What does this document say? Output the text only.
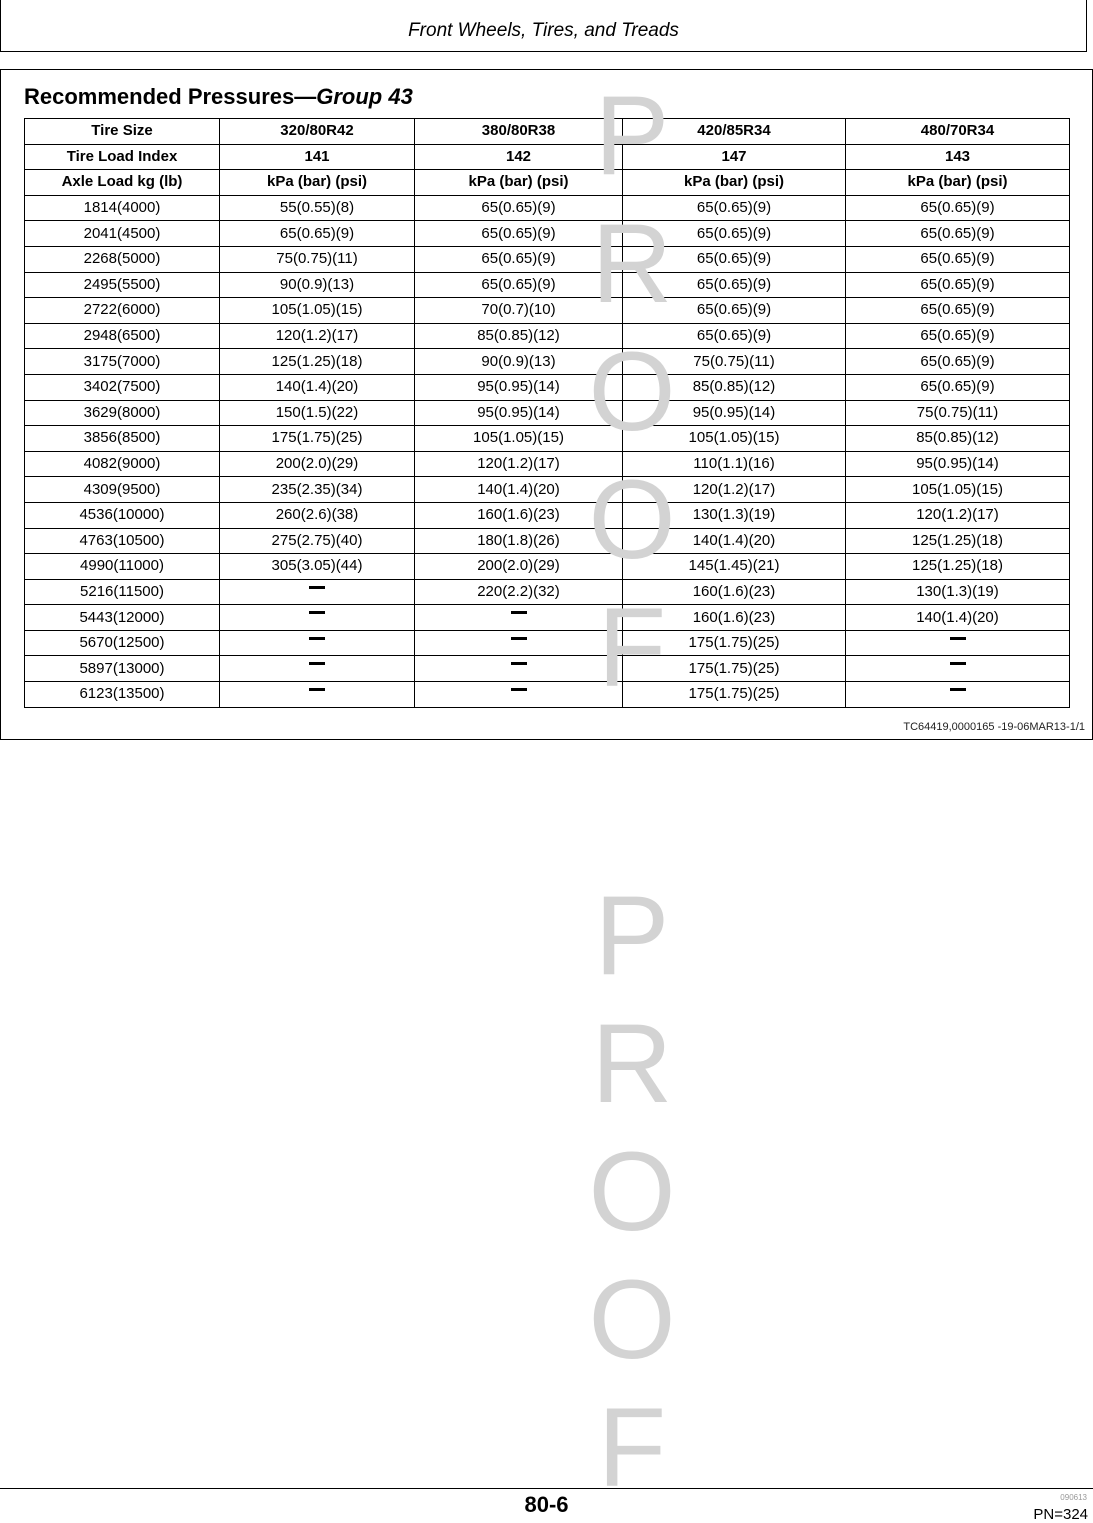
Front Wheels, Tires, and Treads
Recommended Pressures—Group 43
Tire Size	320/80R42	380/80R38	420/85R34	480/70R34
Tire Load Index	141	142	147	143
Axle Load kg (lb)	kPa (bar) (psi)	kPa (bar) (psi)	kPa (bar) (psi)	kPa (bar) (psi)
1814(4000)	55(0.55)(8)	65(0.65)(9)	65(0.65)(9)	65(0.65)(9)
2041(4500)	65(0.65)(9)	65(0.65)(9)	65(0.65)(9)	65(0.65)(9)
2268(5000)	75(0.75)(11)	65(0.65)(9)	65(0.65)(9)	65(0.65)(9)
2495(5500)	90(0.9)(13)	65(0.65)(9)	65(0.65)(9)	65(0.65)(9)
2722(6000)	105(1.05)(15)	70(0.7)(10)	65(0.65)(9)	65(0.65)(9)
2948(6500)	120(1.2)(17)	85(0.85)(12)	65(0.65)(9)	65(0.65)(9)
3175(7000)	125(1.25)(18)	90(0.9)(13)	75(0.75)(11)	65(0.65)(9)
3402(7500)	140(1.4)(20)	95(0.95)(14)	85(0.85)(12)	65(0.65)(9)
3629(8000)	150(1.5)(22)	95(0.95)(14)	95(0.95)(14)	75(0.75)(11)
3856(8500)	175(1.75)(25)	105(1.05)(15)	105(1.05)(15)	85(0.85)(12)
4082(9000)	200(2.0)(29)	120(1.2)(17)	110(1.1)(16)	95(0.95)(14)
4309(9500)	235(2.35)(34)	140(1.4)(20)	120(1.2)(17)	105(1.05)(15)
4536(10000)	260(2.6)(38)	160(1.6)(23)	130(1.3)(19)	120(1.2)(17)
4763(10500)	275(2.75)(40)	180(1.8)(26)	140(1.4)(20)	125(1.25)(18)
4990(11000)	305(3.05)(44)	200(2.0)(29)	145(1.45)(21)	125(1.25)(18)
5216(11500)		220(2.2)(32)	160(1.6)(23)	130(1.3)(19)
5443(12000)			160(1.6)(23)	140(1.4)(20)
5670(12500)			175(1.75)(25)	
5897(13000)			175(1.75)(25)	
6123(13500)			175(1.75)(25)	
TC64419,0000165 -19-06MAR13-1/1
P
R
O
O
F
P
R
O
O
F
80-6	090613
PN=324
